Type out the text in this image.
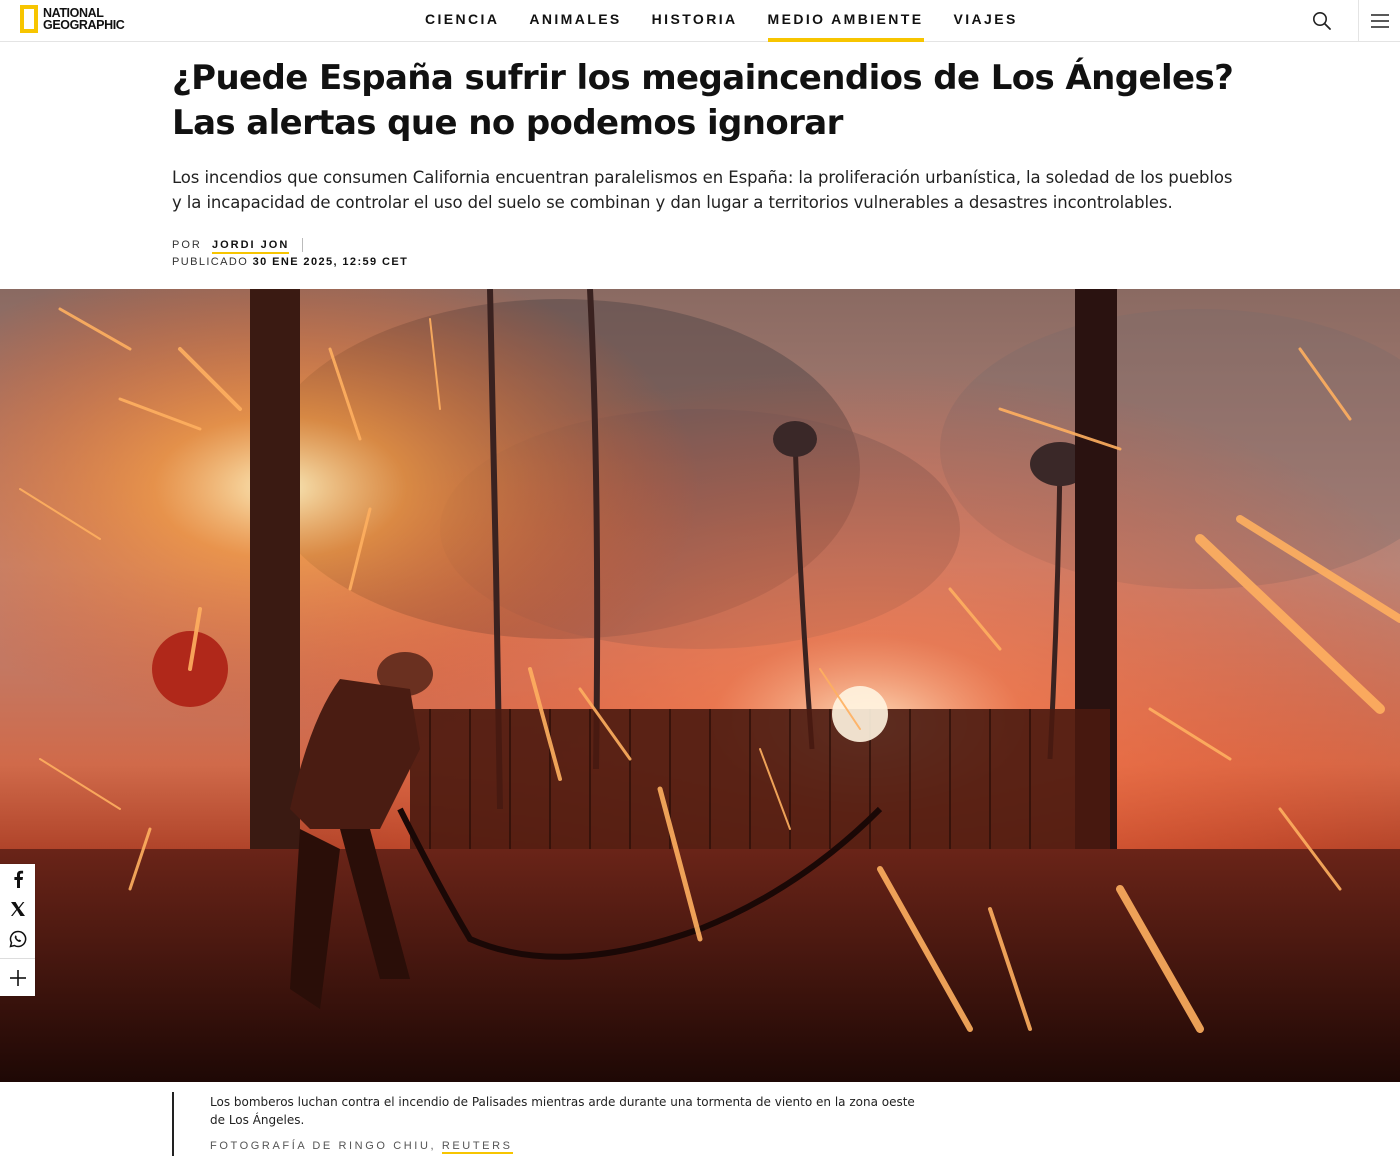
NATIONAL
GEOGRAPHIC	CIENCIA	ANIMALES	HISTORIA	MEDIO AMBIENTE	VIAJES
¿Puede España sufrir los megaincendios de Los Ángeles? Las alertas que no podemos ignorar

Los incendios que consumen California encuentran paralelismos en España: la proliferación urbanística, la soledad de los pueblos y la incapacidad de controlar el uso del suelo se combinan y dan lugar a territorios vulnerables a desastres incontrolables.

POR JORDI JON
PUBLICADO 30 ENE 2025, 12:59 CET

Los bomberos luchan contra el incendio de Palisades mientras arde durante una tormenta de viento en la zona oeste de Los Ángeles.

FOTOGRAFÍA DE RINGO CHIU, REUTERS
